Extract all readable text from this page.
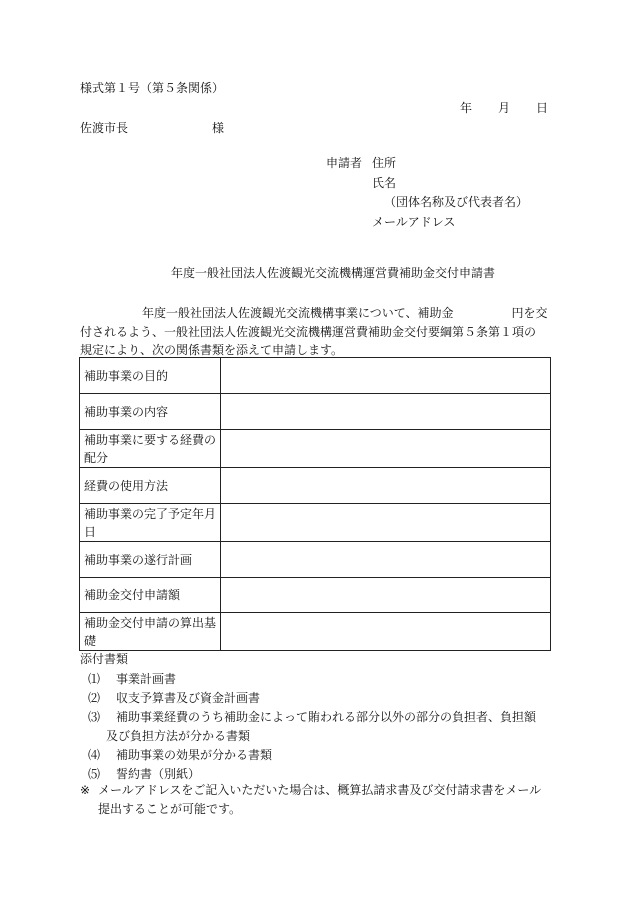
様式第１号（第５条関係）
年 月 日
佐渡市長	様
申請者 住所
氏名
（団体名称及び代表者名）
メールアドレス
年度一般社団法人佐渡観光交流機構運営費補助金交付申請書
年度一般社団法人佐渡観光交流機構事業について、補助金	円を交
付されるよう、一般社団法人佐渡観光交流機構運営費補助金交付要綱第５条第１項の
規定により、次の関係書類を添えて申請します。
補助事業の目的	
補助事業の内容	
補助事業に要する経費の配分	
経費の使用方法	
補助事業の完了予定年月日	
補助事業の遂行計画	
補助金交付申請額	
補助金交付申請の算出基礎	
添付書類
⑴ 事業計画書
⑵ 収支予算書及び資金計画書
⑶ 補助事業経費のうち補助金によって賄われる部分以外の部分の負担者、負担額
及び負担方法が分かる書類
⑷ 補助事業の効果が分かる書類
⑸ 誓約書（別紙）
※ メールアドレスをご記入いただいた場合は、概算払請求書及び交付請求書をメール
提出することが可能です。
